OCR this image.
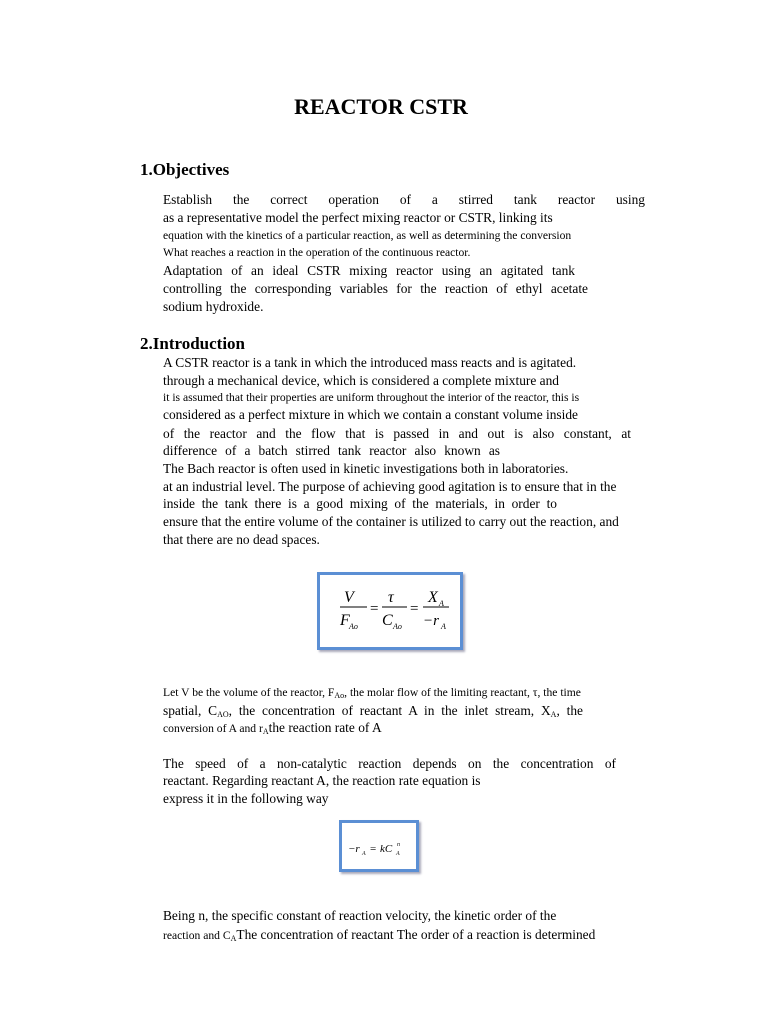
REACTOR CSTR
1.Objectives
Establish the correct operation of a stirred tank reactor using
as a representative model the perfect mixing reactor or CSTR, linking its
equation with the kinetics of a particular reaction, as well as determining the conversion
What reaches a reaction in the operation of the continuous reactor.
Adaptation of an ideal CSTR mixing reactor using an agitated tank
controlling the corresponding variables for the reaction of ethyl acetate
sodium hydroxide.
2.Introduction
A CSTR reactor is a tank in which the introduced mass reacts and is agitated.
through a mechanical device, which is considered a complete mixture and
it is assumed that their properties are uniform throughout the interior of the reactor, this is
considered as a perfect mixture in which we contain a constant volume inside
of the reactor and the flow that is passed in and out is also constant, at
difference of a batch stirred tank reactor also known as
The Bach reactor is often used in kinetic investigations both in laboratories.
at an industrial level. The purpose of achieving good agitation is to ensure that in the
inside the tank there is a good mixing of the materials, in order to
ensure that the entire volume of the container is utilized to carry out the reaction, and
that there are no dead spaces.
V
F Ao
=
τ
C Ao
=
X A
−r A
Let V be the volume of the reactor, $F_{Ao}$, the molar flow of the limiting reactant, τ, the time
spatial, $C_{AO}$, the concentration of reactant A in the inlet stream, $X_A$, the
conversion of A and $r_Athe$ reaction rate of A
The speed of a non-catalytic reaction depends on the concentration of
reactant. Regarding reactant A, the reaction rate equation is
express it in the following way
−r A = kC A
n
Being n, the specific constant of reaction velocity, the kinetic order of the
reaction and $C_AThe$ concentration of reactant The order of a reaction is determined
